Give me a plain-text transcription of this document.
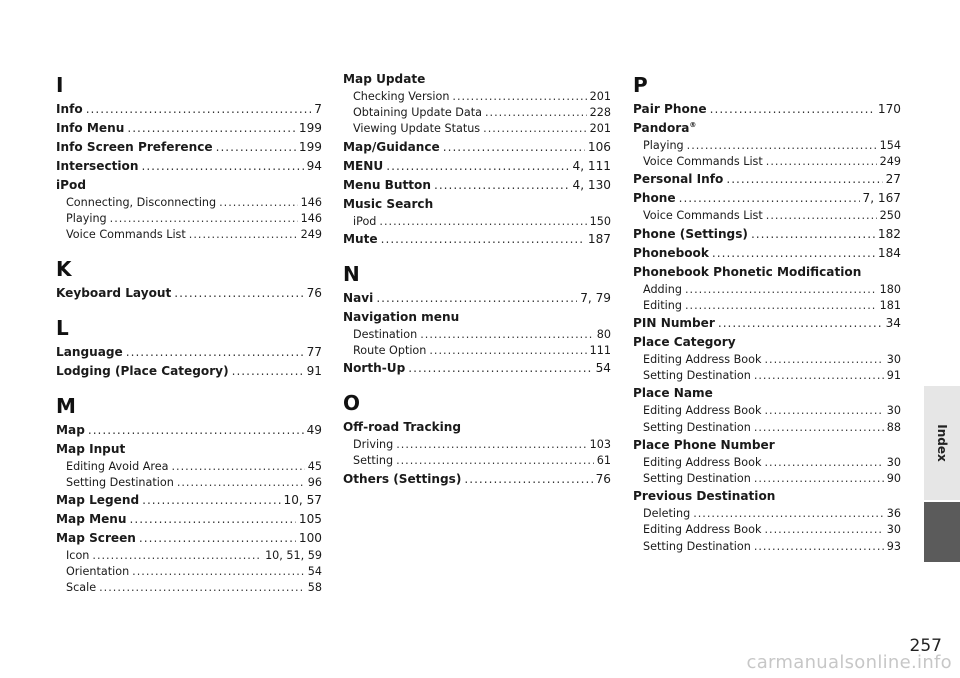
I
Info .....	7
Info Menu .....	199
Info Screen Preference .....	199
Intersection .....	94
iPod
Connecting, Disconnecting .....	146
Playing .....	146
Voice Commands List .....	249
K
Keyboard Layout .....	76
L
Language .....	77
Lodging (Place Category) .....	91
M
Map .....	49
Map Input
Editing Avoid Area .....	45
Setting Destination .....	96
Map Legend .....	10, 57
Map Menu .....	105
Map Screen .....	100
Icon .....	10, 51, 59
Orientation .....	54
Scale .....	58
Map Update
Checking Version .....	201
Obtaining Update Data .....	228
Viewing Update Status .....	201
Map/Guidance .....	106
MENU .....	4, 111
Menu Button .....	4, 130
Music Search
iPod .....	150
Mute .....	187
N
Navi .....	7, 79
Navigation menu
Destination .....	80
Route Option .....	111
North-Up .....	54
O
Off-road Tracking
Driving .....	103
Setting .....	61
Others (Settings) .....	76
P
Pair Phone .....	170
Pandora®
Playing .....	154
Voice Commands List .....	249
Personal Info .....	27
Phone .....	7, 167
Voice Commands List .....	250
Phone (Settings) .....	182
Phonebook .....	184
Phonebook Phonetic Modification
Adding .....	180
Editing .....	181
PIN Number .....	34
Place Category
Editing Address Book .....	30
Setting Destination .....	91
Place Name
Editing Address Book .....	30
Setting Destination .....	88
Place Phone Number
Editing Address Book .....	30
Setting Destination .....	90
Previous Destination
Deleting .....	36
Editing Address Book .....	30
Setting Destination .....	93
Index
257
carmanualsonline.info
